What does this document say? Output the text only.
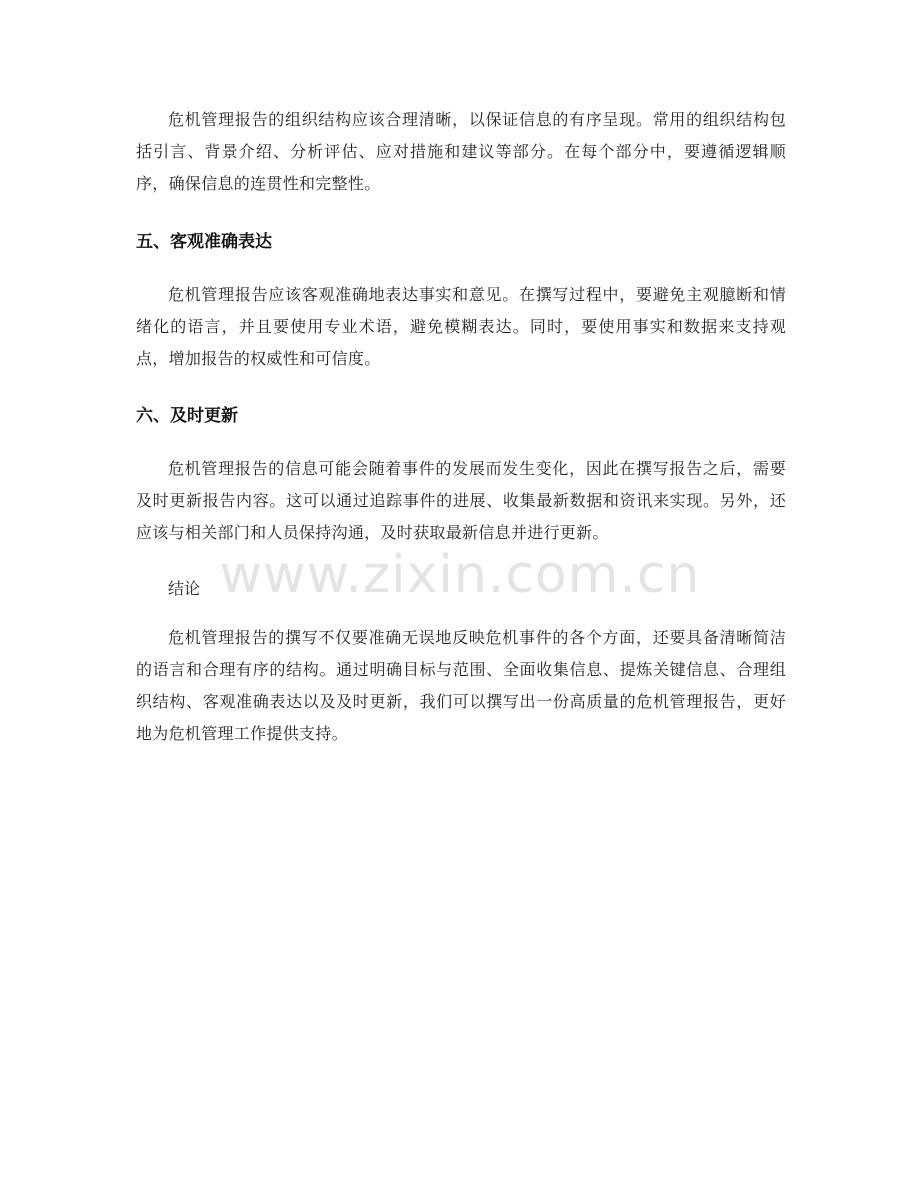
危机管理报告的组织结构应该合理清晰，以保证信息的有序呈现。常用的组织结构包括引言、背景介绍、分析评估、应对措施和建议等部分。在每个部分中，要遵循逻辑顺序，确保信息的连贯性和完整性。

五、客观准确表达

危机管理报告应该客观准确地表达事实和意见。在撰写过程中，要避免主观臆断和情绪化的语言，并且要使用专业术语，避免模糊表达。同时，要使用事实和数据来支持观点，增加报告的权威性和可信度。

六、及时更新

危机管理报告的信息可能会随着事件的发展而发生变化，因此在撰写报告之后，需要及时更新报告内容。这可以通过追踪事件的进展、收集最新数据和资讯来实现。另外，还应该与相关部门和人员保持沟通，及时获取最新信息并进行更新。

www.zixin.com.cn

结论

危机管理报告的撰写不仅要准确无误地反映危机事件的各个方面，还要具备清晰简洁的语言和合理有序的结构。通过明确目标与范围、全面收集信息、提炼关键信息、合理组织结构、客观准确表达以及及时更新，我们可以撰写出一份高质量的危机管理报告，更好地为危机管理工作提供支持。
